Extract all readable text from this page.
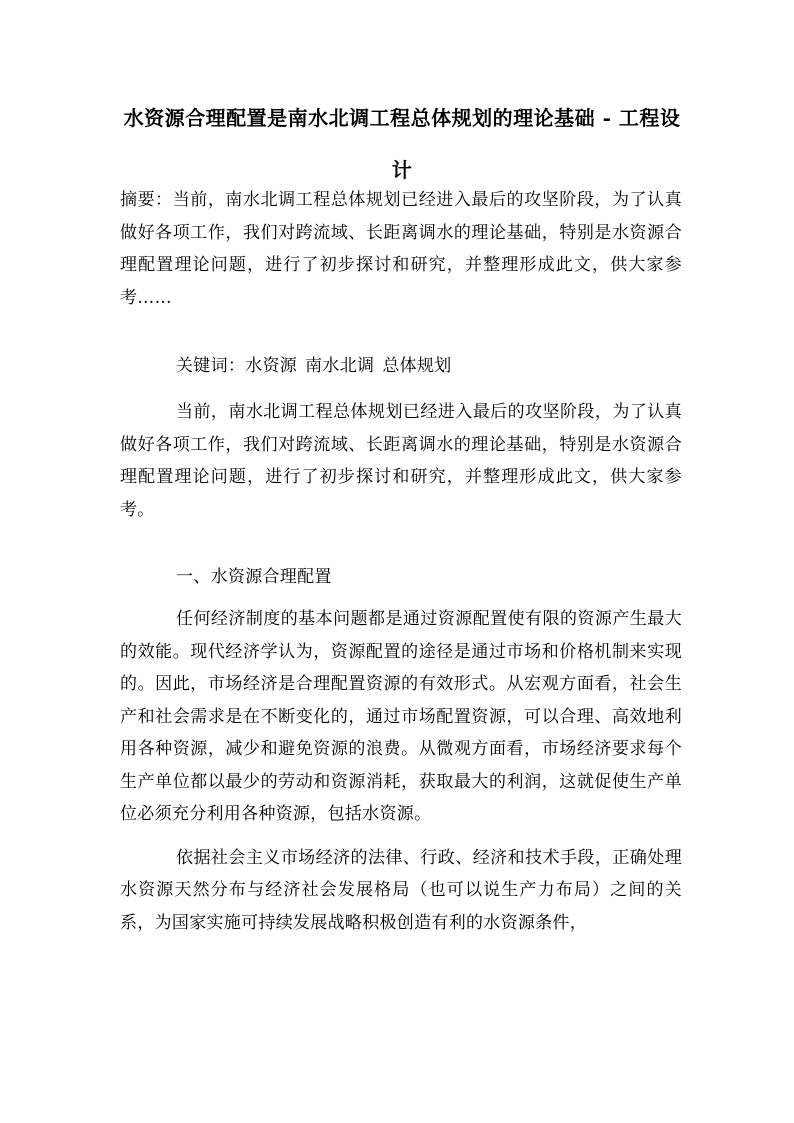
水资源合理配置是南水北调工程总体规划的理论基础 - 工程设计

摘要：当前，南水北调工程总体规划已经进入最后的攻坚阶段，为了认真做好各项工作，我们对跨流域、长距离调水的理论基础，特别是水资源合理配置理论问题，进行了初步探讨和研究，并整理形成此文，供大家参考……

关键词：水资源 南水北调 总体规划

当前，南水北调工程总体规划已经进入最后的攻坚阶段，为了认真做好各项工作，我们对跨流域、长距离调水的理论基础，特别是水资源合理配置理论问题，进行了初步探讨和研究，并整理形成此文，供大家参考。

一、水资源合理配置

任何经济制度的基本问题都是通过资源配置使有限的资源产生最大的效能。现代经济学认为，资源配置的途径是通过市场和价格机制来实现的。因此，市场经济是合理配置资源的有效形式。从宏观方面看，社会生产和社会需求是在不断变化的，通过市场配置资源，可以合理、高效地利用各种资源，减少和避免资源的浪费。从微观方面看，市场经济要求每个生产单位都以最少的劳动和资源消耗，获取最大的利润，这就促使生产单位必须充分利用各种资源，包括水资源。

依据社会主义市场经济的法律、行政、经济和技术手段，正确处理水资源天然分布与经济社会发展格局（也可以说生产力布局）之间的关系，为国家实施可持续发展战略积极创造有利的水资源条件，
